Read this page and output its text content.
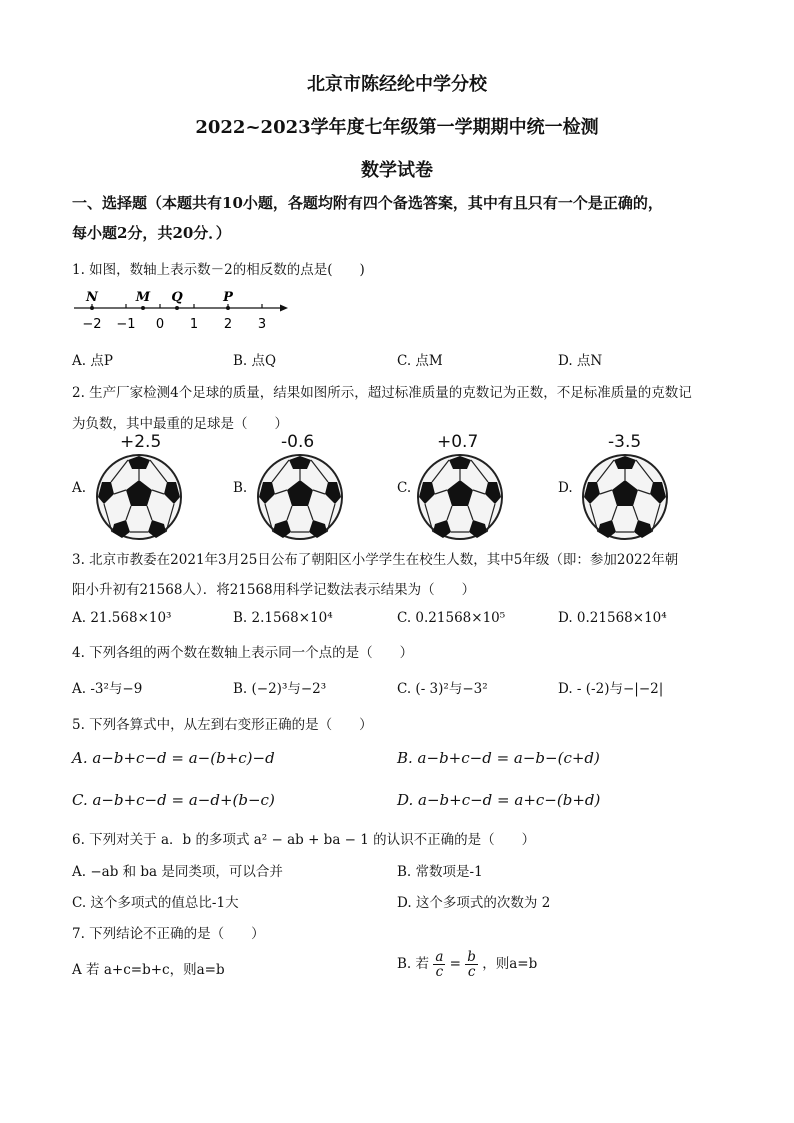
北京市陈经纶中学分校
2022~2023学年度七年级第一学期期中统一检测
数学试卷
一、选择题（本题共有10小题，各题均附有四个备选答案，其中有且只有一个是正确的，
每小题2分，共20分．）
1. 如图，数轴上表示数－2的相反数的点是(　　)
−2 −1 0 1 2 3
N	M Q	P
A. 点P	B. 点Q	C. 点M	D. 点N
2. 生产厂家检测4个足球的质量，结果如图所示，超过标准质量的克数记为正数，不足标准质量的克数记
为负数，其中最重的足球是（　　）
A.
+2.5
B.
-0.6
C.
+0.7
D.
-3.5
3. 北京市教委在2021年3月25日公布了朝阳区小学学生在校生人数，其中5年级（即：参加2022年朝
阳小升初有21568人）．将21568用科学记数法表示结果为（　　）
A. 21.568×10³	B. 2.1568×10⁴	C. 0.21568×10⁵	D. 0.21568×10⁴
4. 下列各组的两个数在数轴上表示同一个点的是（　　）
A. -3²与−9	B. (−2)³与−2³	C. (- 3)²与−3²	D. - (-2)与−|−2|
5. 下列各算式中，从左到右变形正确的是（　　）
A. a−b+c−d = a−(b+c)−d	B. a−b+c−d = a−b−(c+d)
C. a−b+c−d = a−d+(b−c)	D. a−b+c−d = a+c−(b+d)
6. 下列对关于 a．b 的多项式 a² − ab + ba − 1 的认识不正确的是（　　）
A. −ab 和 ba 是同类项，可以合并	B. 常数项是-1
C. 这个多项式的值总比-1大	D. 这个多项式的次数为 2
7. 下列结论不正确的是（　　）
A 若 a+c=b+c，则a=b	B. 若 $\frac{a}{c} = \frac{b}{c}$ ，则a=b
